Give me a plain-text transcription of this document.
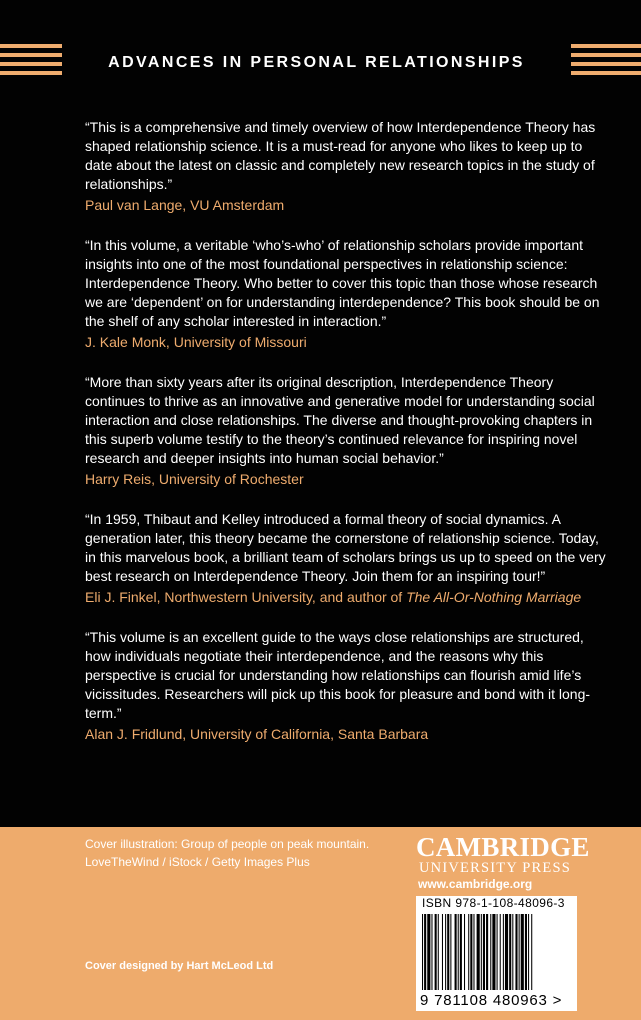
ADVANCES IN PERSONAL RELATIONSHIPS

“This is a comprehensive and timely overview of how Interdependence Theory has shaped relationship science. It is a must-read for anyone who likes to keep up to date about the latest on classic and completely new research topics in the study of relationships.”

Paul van Lange, VU Amsterdam

“In this volume, a veritable ‘who’s-who’ of relationship scholars provide important insights into one of the most foundational perspectives in relationship science: Interdependence Theory. Who better to cover this topic than those whose research we are ‘dependent’ on for understanding interdependence? This book should be on the shelf of any scholar interested in interaction.”

J. Kale Monk, University of Missouri

“More than sixty years after its original description, Interdependence Theory continues to thrive as an innovative and generative model for understanding social interaction and close relationships. The diverse and thought-provoking chapters in this superb volume testify to the theory’s continued relevance for inspiring novel research and deeper insights into human social behavior.”

Harry Reis, University of Rochester

“In 1959, Thibaut and Kelley introduced a formal theory of social dynamics. A generation later, this theory became the cornerstone of relationship science. Today, in this marvelous book, a brilliant team of scholars brings us up to speed on the very best research on Interdependence Theory. Join them for an inspiring tour!”

Eli J. Finkel, Northwestern University, and author of The All-Or-Nothing Marriage

“This volume is an excellent guide to the ways close relationships are structured, how individuals negotiate their interdependence, and the reasons why this perspective is crucial for understanding how relationships can flourish amid life’s vicissitudes. Researchers will pick up this book for pleasure and bond with it long-term.”

Alan J. Fridlund, University of California, Santa Barbara

Cover illustration: Group of people on peak mountain.

LoveTheWind / iStock / Getty Images Plus

Cover designed by Hart McLeod Ltd

CAMBRIDGE

UNIVERSITY PRESS

www.cambridge.org

ISBN 978-1-108-48096-3

9 781108 480963 >
